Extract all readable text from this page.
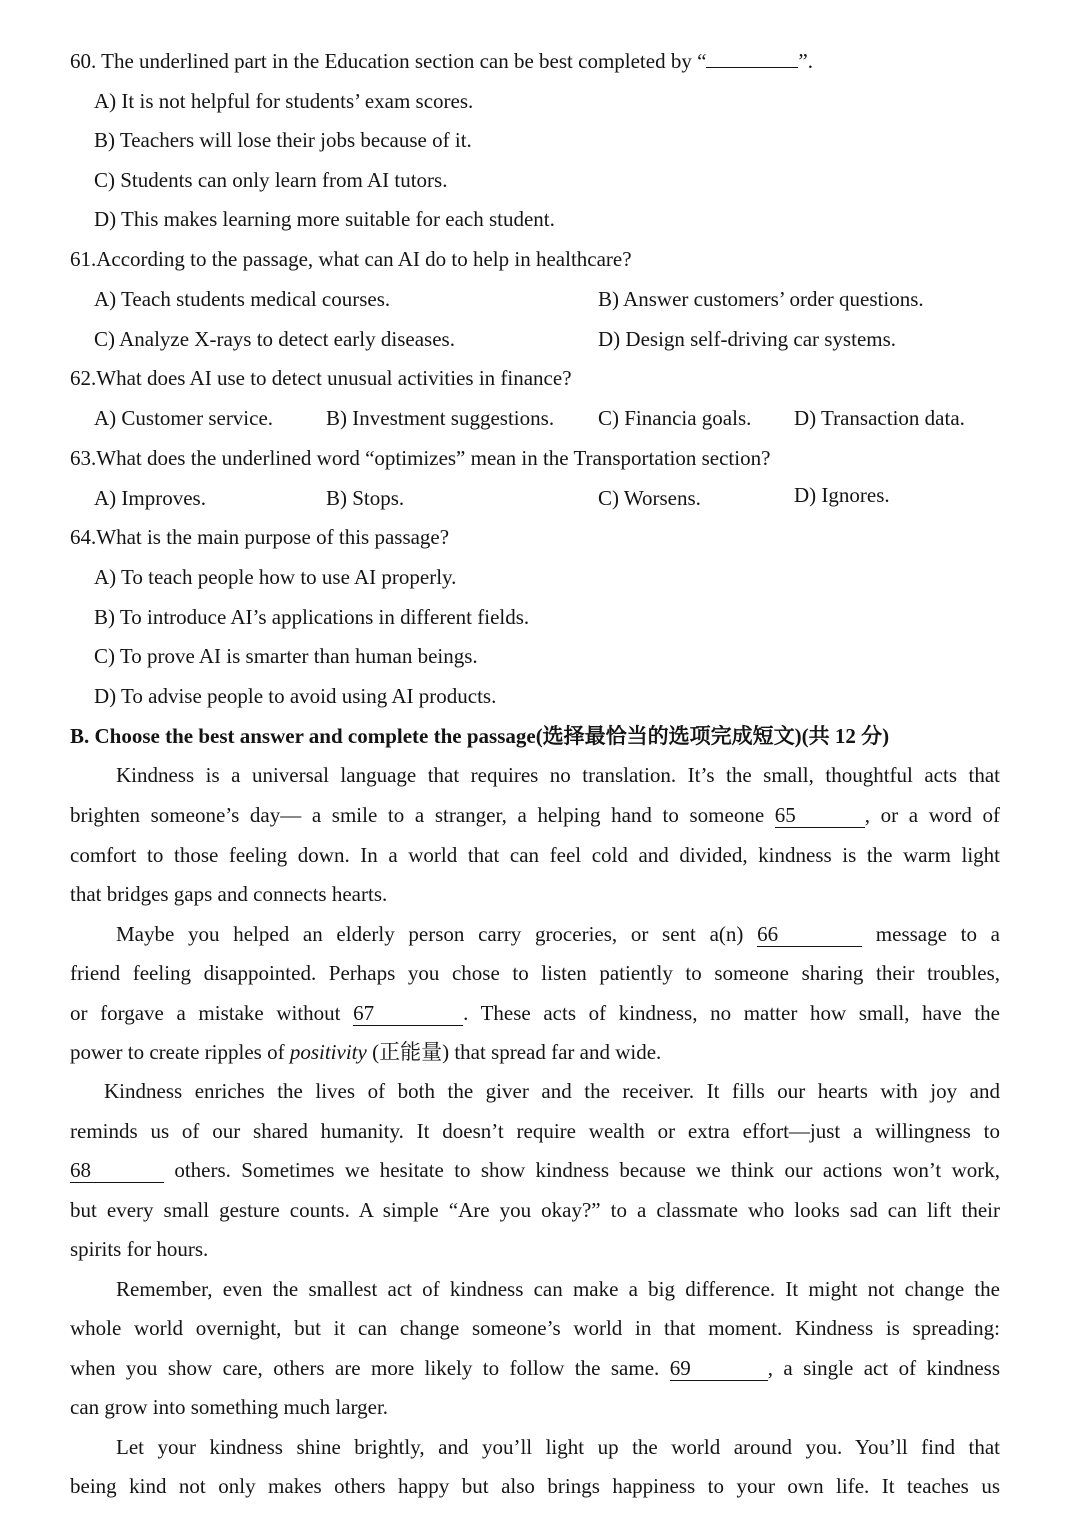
60. The underlined part in the Education section can be best completed by “	”.
A) It is not helpful for students’ exam scores.
B) Teachers will lose their jobs because of it.
C) Students can only learn from AI tutors.
D) This makes learning more suitable for each student.
61.According to the passage, what can AI do to help in healthcare?
A) Teach students medical courses.	B) Answer customers’ order questions.
C) Analyze X-rays to detect early diseases.	D) Design self-driving car systems.
62.What does AI use to detect unusual activities in finance?
A) Customer service.	B) Investment suggestions. C) Financia goals. D) Transaction data.
63.What does the underlined word “optimizes” mean in the Transportation section?
A) Improves.	B) Stops.	C) Worsens.	D) Ignores.
64.What is the main purpose of this passage?
A) To teach people how to use AI properly.
B) To introduce AI’s applications in different fields.
C) To prove AI is smarter than human beings.
D) To advise people to avoid using AI products.
B. Choose the best answer and complete the passage(选择最恰当的选项完成短文)(共 12 分)
Kindness is a universal language that requires no translation. It’s the small, thoughtful acts that
brighten someone’s day— a smile to a stranger, a helping hand to someone 65	, or a word of
comfort to those feeling down. In a world that can feel cold and divided, kindness is the warm light
that bridges gaps and connects hearts.
Maybe you helped an elderly person carry groceries, or sent a(n) 66	message to a
friend feeling disappointed. Perhaps you chose to listen patiently to someone sharing their troubles,
or forgave a mistake without 67	. These acts of kindness, no matter how small, have the
power to create ripples of positivity (正能量) that spread far and wide.
Kindness enriches the lives of both the giver and the receiver. It fills our hearts with joy and
reminds us of our shared humanity. It doesn’t require wealth or extra effort—just a willingness to
68	others. Sometimes we hesitate to show kindness because we think our actions won’t work,
but every small gesture counts. A simple “Are you okay?” to a classmate who looks sad can lift their
spirits for hours.
Remember, even the smallest act of kindness can make a big difference. It might not change the
whole world overnight, but it can change someone’s world in that moment. Kindness is spreading:
when you show care, others are more likely to follow the same. 69	, a single act of kindness
can grow into something much larger.
Let your kindness shine brightly, and you’ll light up the world around you. You’ll find that
being kind not only makes others happy but also brings happiness to your own life. It teaches us
